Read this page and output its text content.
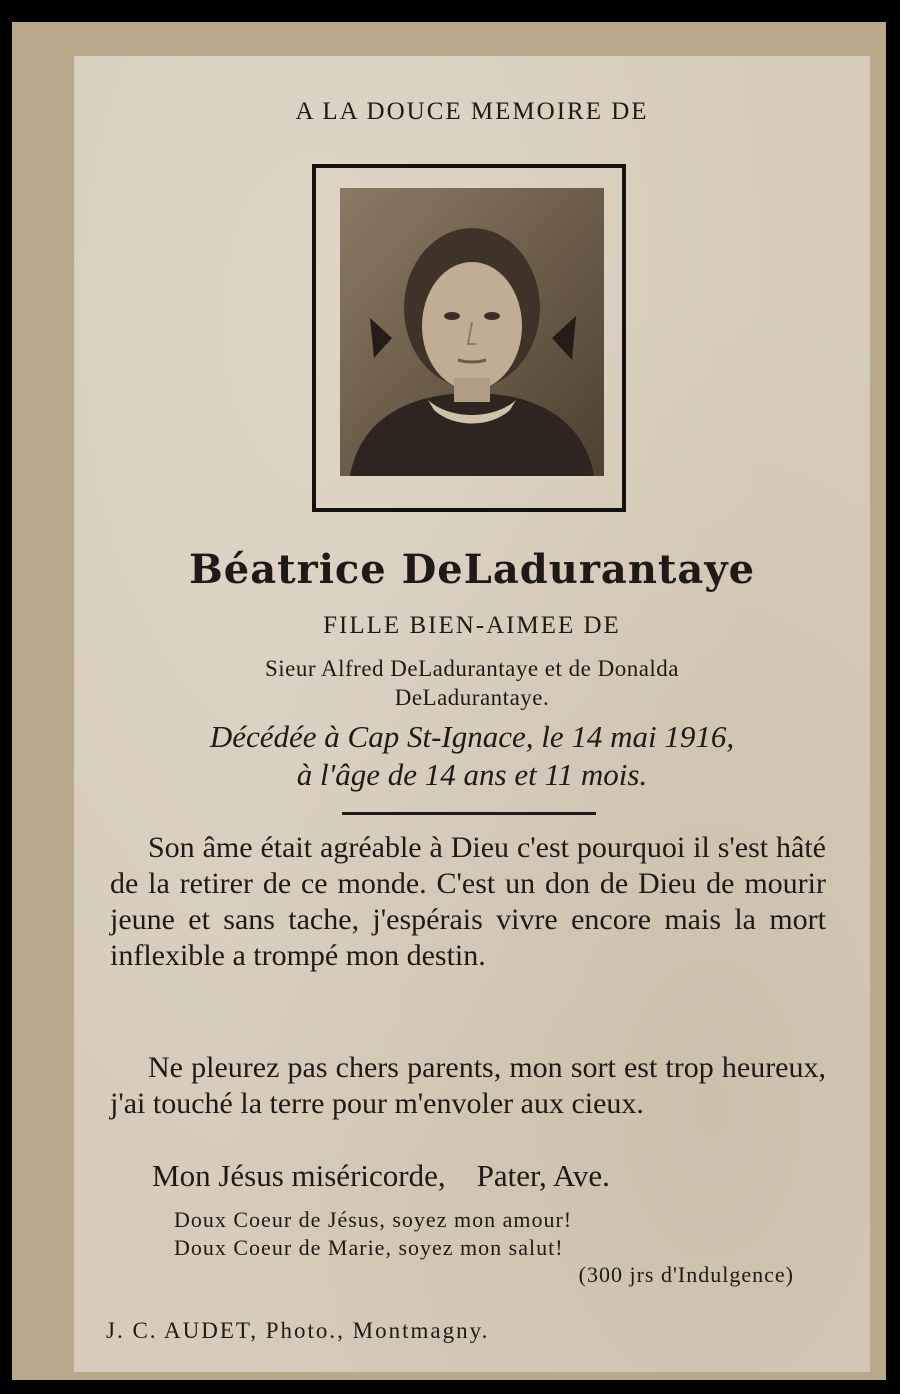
A LA DOUCE MEMOIRE DE
Béatrice DeLadurantaye
FILLE BIEN-AIMEE DE
Sieur Alfred DeLadurantaye et de Donalda
DeLadurantaye.
Décédée à Cap St-Ignace, le 14 mai 1916,
à l'âge de 14 ans et 11 mois.
Son âme était agréable à Dieu c'est pourquoi il s'est hâté de la retirer de ce monde. C'est un don de Dieu de mourir jeune et sans tache, j'espérais vivre encore mais la mort inflexible a trompé mon destin.
Ne pleurez pas chers parents, mon sort est trop heureux, j'ai touché la terre pour m'envoler aux cieux.
Mon Jésus miséricorde,    Pater, Ave.
Doux Coeur de Jésus, soyez mon amour!
Doux Coeur de Marie, soyez mon salut!
(300 jrs d'Indulgence)
J. C. AUDET, Photo., Montmagny.
